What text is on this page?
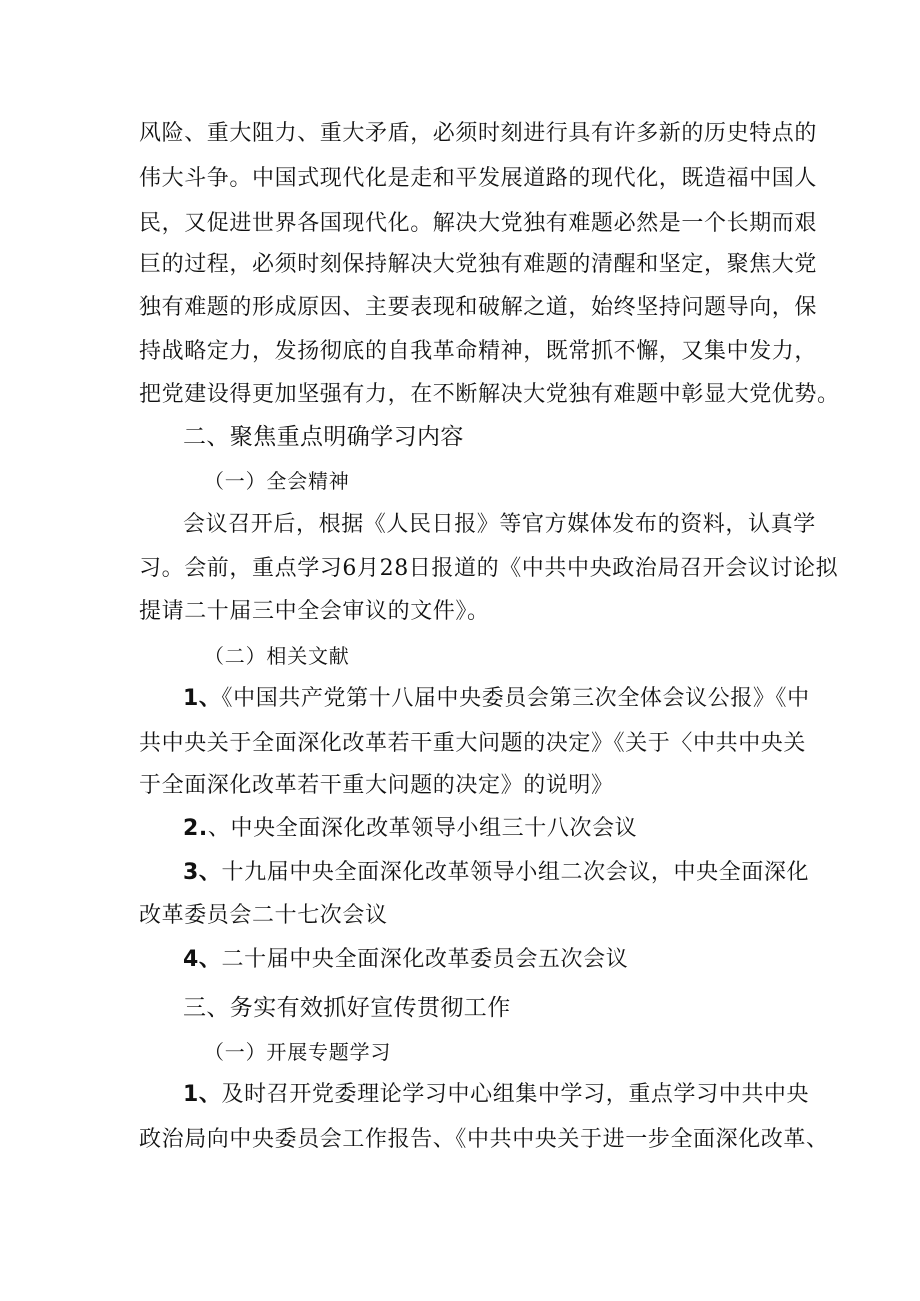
风险、重大阻力、重大矛盾，必须时刻进行具有许多新的历史特点的
伟大斗争。中国式现代化是走和平发展道路的现代化，既造福中国人
民，又促进世界各国现代化。解决大党独有难题必然是一个长期而艰
巨的过程，必须时刻保持解决大党独有难题的清醒和坚定，聚焦大党
独有难题的形成原因、主要表现和破解之道，始终坚持问题导向，保
持战略定力，发扬彻底的自我革命精神，既常抓不懈，又集中发力，
把党建设得更加坚强有力，在不断解决大党独有难题中彰显大党优势。
二、聚焦重点明确学习内容
（一）全会精神
会议召开后，根据《人民日报》等官方媒体发布的资料，认真学
习。会前，重点学习6月28日报道的《中共中央政治局召开会议讨论拟
提请二十届三中全会审议的文件》。
（二）相关文献
1、《中国共产党第十八届中央委员会第三次全体会议公报》《中
共中央关于全面深化改革若干重大问题的决定》《关于〈中共中央关
于全面深化改革若干重大问题的决定》的说明》
2.、中央全面深化改革领导小组三十八次会议
3、十九届中央全面深化改革领导小组二次会议，中央全面深化
改革委员会二十七次会议
4、二十届中央全面深化改革委员会五次会议
三、务实有效抓好宣传贯彻工作
（一）开展专题学习
1、及时召开党委理论学习中心组集中学习，重点学习中共中央
政治局向中央委员会工作报告、《中共中央关于进一步全面深化改革、
